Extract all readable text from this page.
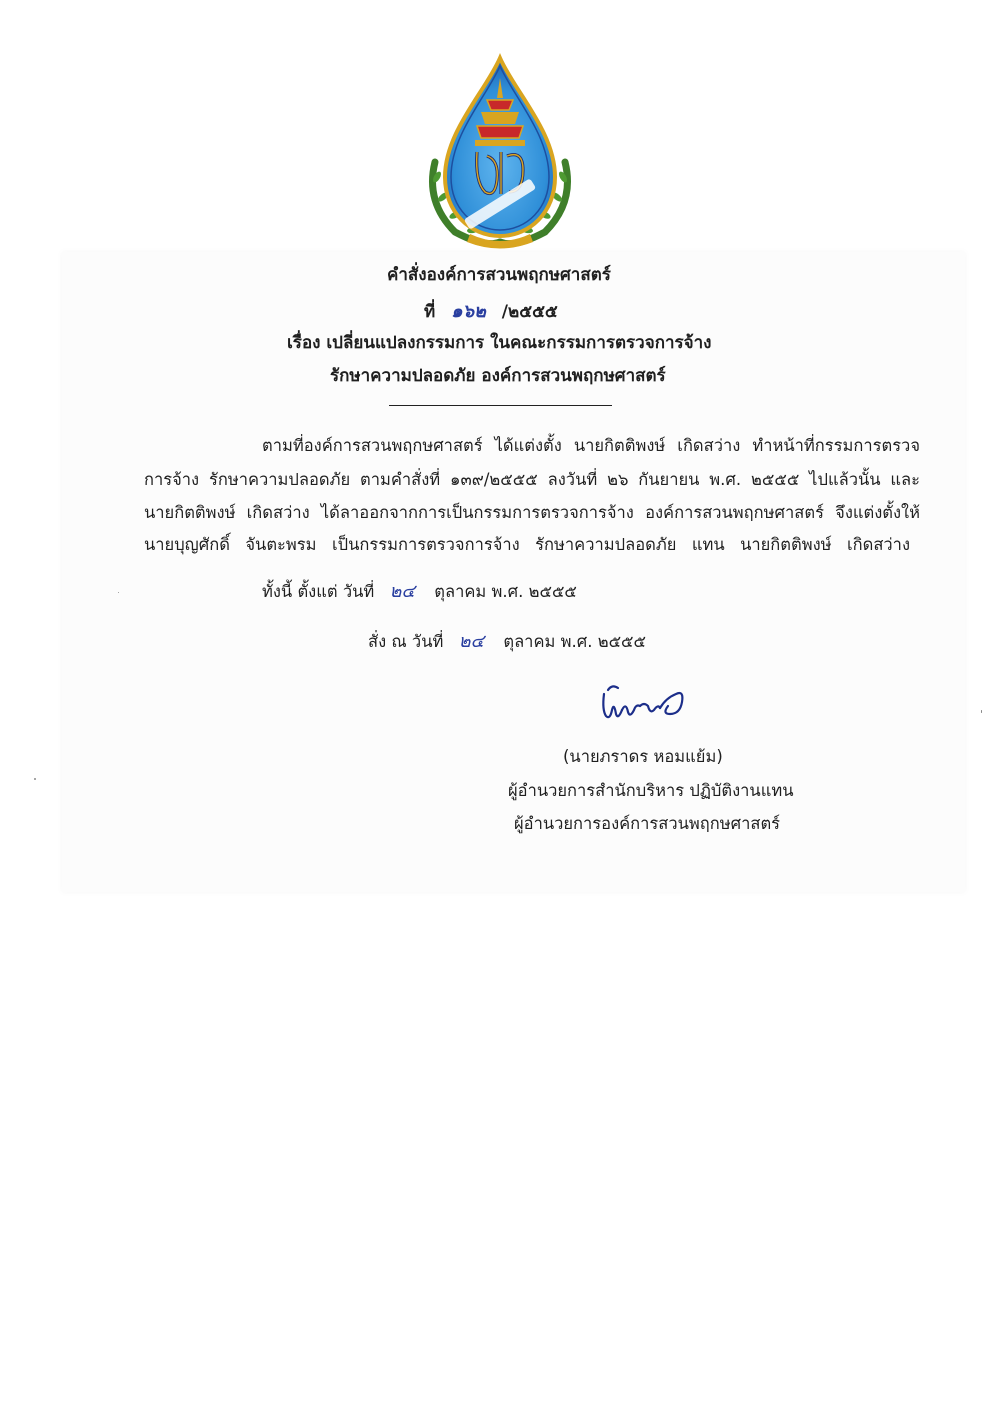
คำสั่งองค์การสวนพฤกษศาสตร์
ที่ ๑๖๒ /๒๕๕๕
เรื่อง เปลี่ยนแปลงกรรมการ ในคณะกรรมการตรวจการจ้าง
รักษาความปลอดภัย องค์การสวนพฤกษศาสตร์
ตามที่องค์การสวนพฤกษศาสตร์ ได้แต่งตั้ง นายกิตติพงษ์ เกิดสว่าง ทำหน้าที่กรรมการตรวจ
การจ้าง รักษาความปลอดภัย ตามคำสั่งที่ ๑๓๙/๒๕๕๕ ลงวันที่ ๒๖ กันยายน พ.ศ. ๒๕๕๕ ไปแล้วนั้น และ
นายกิตติพงษ์ เกิดสว่าง ได้ลาออกจากการเป็นกรรมการตรวจการจ้าง องค์การสวนพฤกษศาสตร์ จึงแต่งตั้งให้
นายบุญศักดิ์ จันตะพรม เป็นกรรมการตรวจการจ้าง รักษาความปลอดภัย แทน นายกิตติพงษ์ เกิดสว่าง
ทั้งนี้ ตั้งแต่ วันที่ ๒๔ ตุลาคม พ.ศ. ๒๕๕๕
สั่ง ณ วันที่ ๒๔ ตุลาคม พ.ศ. ๒๕๕๕
(นายภราดร หอมแย้ม)
ผู้อำนวยการสำนักบริหาร ปฏิบัติงานแทน
ผู้อำนวยการองค์การสวนพฤกษศาสตร์
